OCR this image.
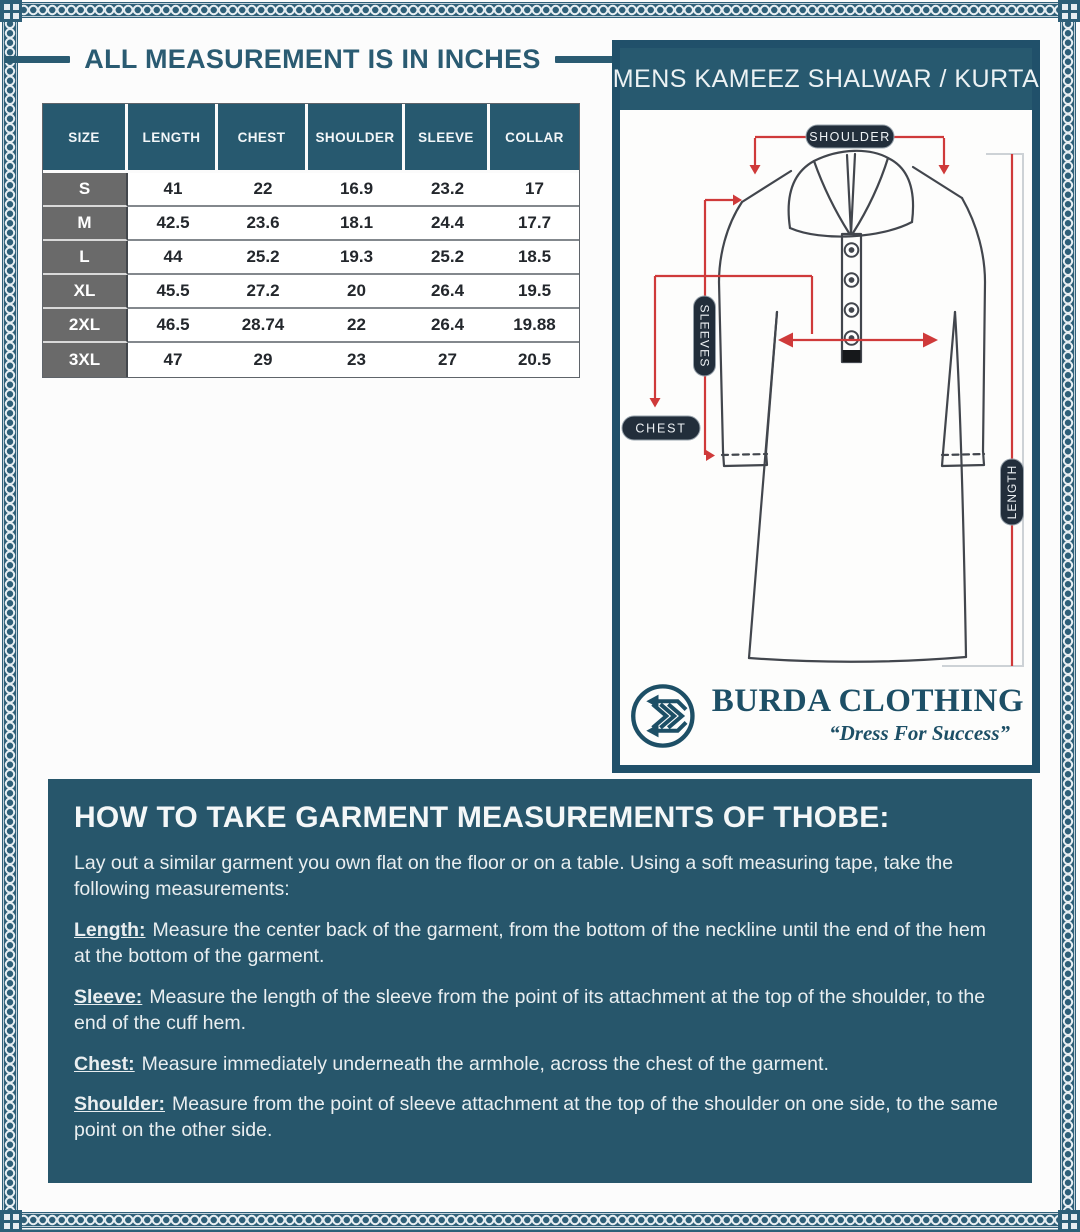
ALL MEASUREMENT IS IN INCHES
SIZE	LENGTH	CHEST	SHOULDER	SLEEVE	COLLAR
S	41	22	16.9	23.2	17
M	42.5	23.6	18.1	24.4	17.7
L	44	25.2	19.3	25.2	18.5
XL	45.5	27.2	20	26.4	19.5
2XL	46.5	28.74	22	26.4	19.88
3XL	47	29	23	27	20.5
MENS KAMEEZ SHALWAR / KURTA
SHOULDER
SLEEVES
CHEST
LENGTH
BURDA CLOTHING
“Dress For Success”
HOW TO TAKE GARMENT MEASUREMENTS OF THOBE:

Lay out a similar garment you own flat on the floor or on a table. Using a soft measuring tape, take the following measurements:

Length: Measure the center back of the garment, from the bottom of the neckline until the end of the hem at the bottom of the garment.

Sleeve: Measure the length of the sleeve from the point of its attachment at the top of the shoulder, to the end of the cuff hem.

Chest: Measure immediately underneath the armhole, across the chest of the garment.

Shoulder: Measure from the point of sleeve attachment at the top of the shoulder on one side, to the same point on the other side.
